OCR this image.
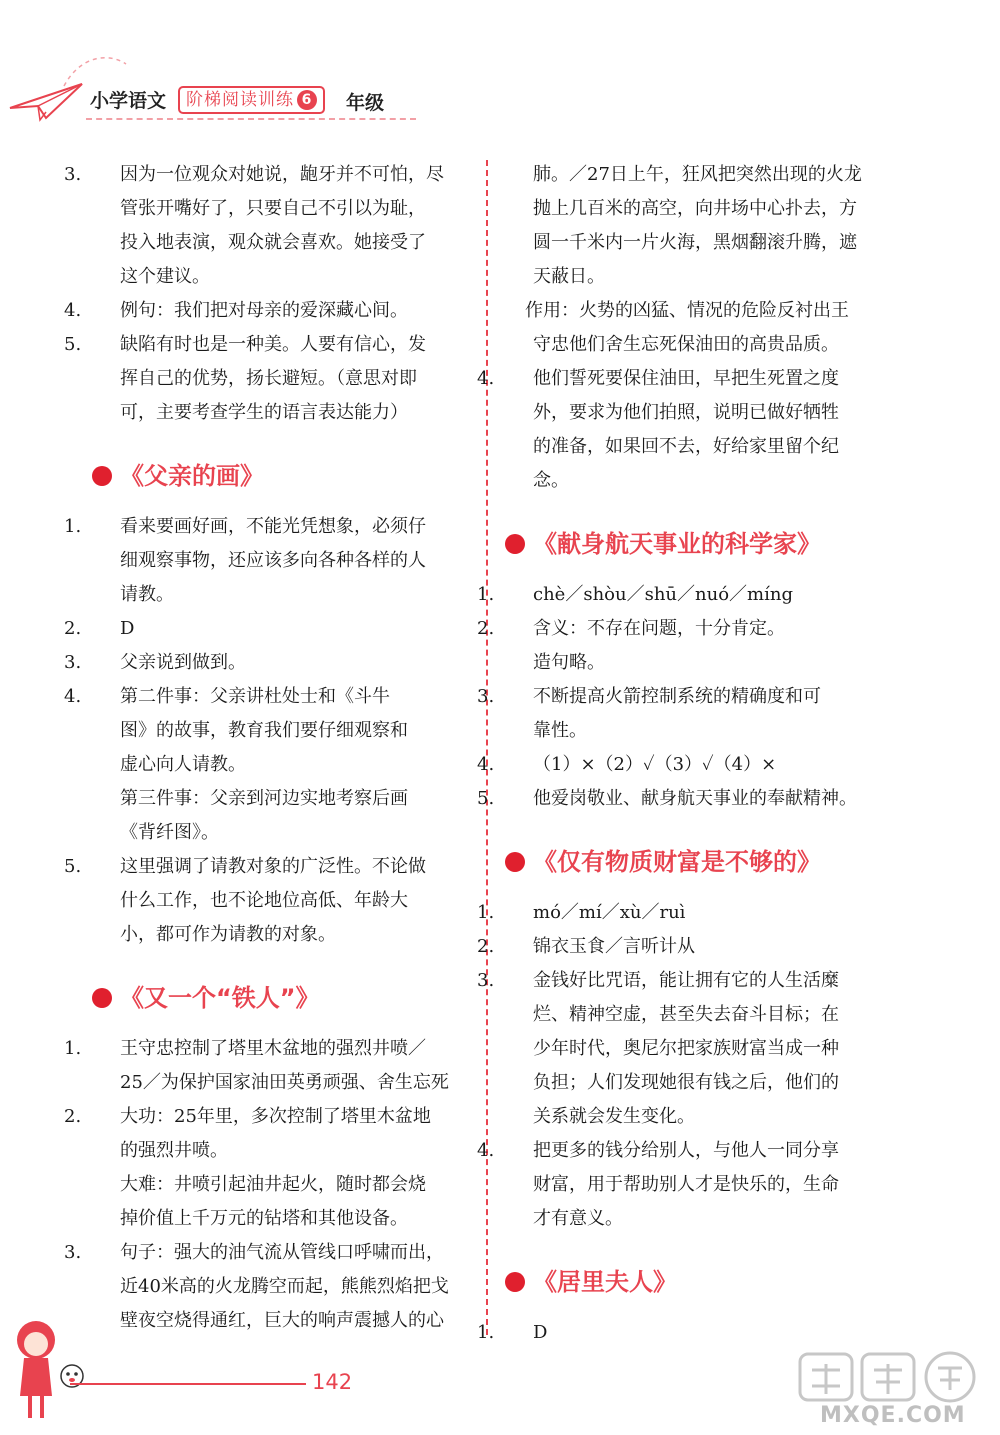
小学语文	阶梯阅读训练 6	年级
3. 因为一位观众对她说，龅牙并不可怕，尽
管张开嘴好了，只要自己不引以为耻，
投入地表演，观众就会喜欢。她接受了
这个建议。
4. 例句：我们把对母亲的爱深藏心间。
5. 缺陷有时也是一种美。人要有信心，发
挥自己的优势，扬长避短。（意思对即
可，主要考查学生的语言表达能力）
《父亲的画》
1. 看来要画好画，不能光凭想象，必须仔
细观察事物，还应该多向各种各样的人
请教。
2. D
3. 父亲说到做到。
4. 第二件事：父亲讲杜处士和《斗牛
图》的故事，教育我们要仔细观察和
虚心向人请教。
第三件事：父亲到河边实地考察后画
《背纤图》。
5. 这里强调了请教对象的广泛性。不论做
什么工作，也不论地位高低、年龄大
小，都可作为请教的对象。
《又一个“铁人”》
1. 王守忠控制了塔里木盆地的强烈井喷／
25／为保护国家油田英勇顽强、舍生忘死
2. 大功：25年里，多次控制了塔里木盆地
的强烈井喷。
大难：井喷引起油井起火，随时都会烧
掉价值上千万元的钻塔和其他设备。
3. 句子：强大的油气流从管线口呼啸而出，
近40米高的火龙腾空而起，熊熊烈焰把戈
壁夜空烧得通红，巨大的响声震撼人的心
肺。／27日上午，狂风把突然出现的火龙
抛上几百米的高空，向井场中心扑去，方
圆一千米内一片火海，黑烟翻滚升腾，遮
天蔽日。
作用：火势的凶猛、情况的危险反衬出王
守忠他们舍生忘死保油田的高贵品质。
4. 他们誓死要保住油田，早把生死置之度
外，要求为他们拍照，说明已做好牺牲
的准备，如果回不去，好给家里留个纪
念。
《献身航天事业的科学家》
1. chè／shòu／shū／nuó／míng
2. 含义：不存在问题，十分肯定。
造句略。
3. 不断提高火箭控制系统的精确度和可
靠性。
4. （1）×（2）✓（3）✓（4）×
5. 他爱岗敬业、献身航天事业的奉献精神。
《仅有物质财富是不够的》
1. mó／mí／xù／ruì
2. 锦衣玉食／言听计从
3. 金钱好比咒语，能让拥有它的人生活糜
烂、精神空虚，甚至失去奋斗目标；在
少年时代，奥尼尔把家族财富当成一种
负担；人们发现她很有钱之后，他们的
关系就会发生变化。
4. 把更多的钱分给别人，与他人一同分享
财富，用于帮助别人才是快乐的，生命
才有意义。
《居里夫人》
1. D
142
MXQE.COM
